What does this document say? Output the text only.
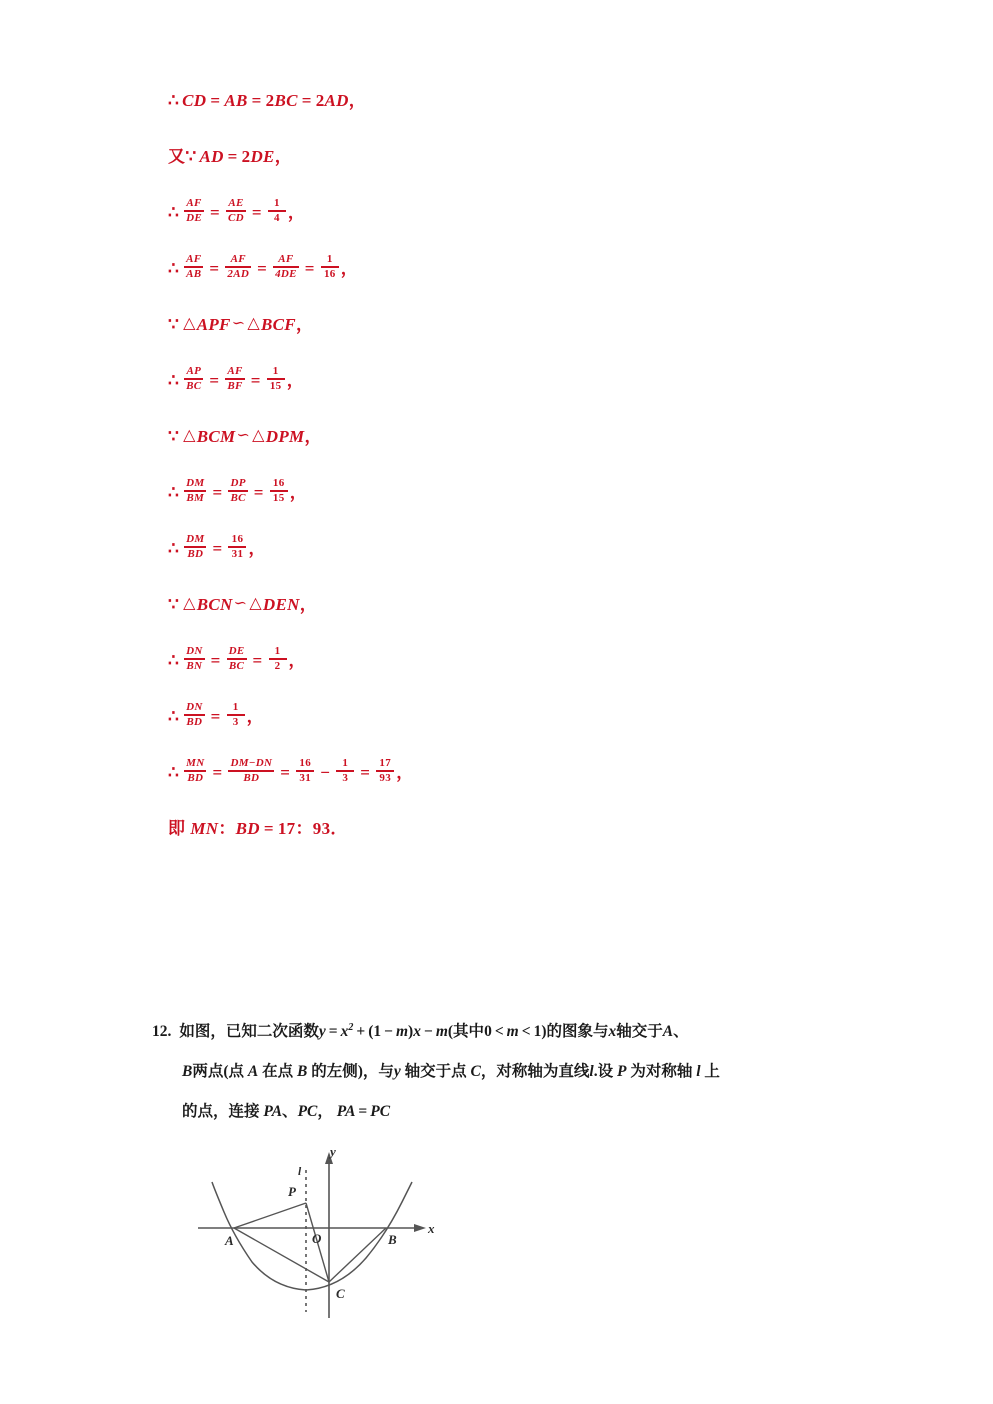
∴ CD = AB = 2BC = 2AD，
又 ∵ AD = 2DE，
∴ $\frac{AF}{DE} = \frac{AE}{CD} = \frac{1}{4}$ ，
∴ $\frac{AF}{AB} = \frac{AF}{2AD} = \frac{AF}{4DE} = \frac{1}{16}$ ，
∵ △ APF ∽ △ BCF ，
∴ $\frac{AP}{BC} = \frac{AF}{BF} = \frac{1}{15}$ ，
∵ △ BCM ∽ △ DPM ，
∴ $\frac{DM}{BM} = \frac{DP}{BC} = \frac{16}{15}$ ，
∴ $\frac{DM}{BD} = \frac{16}{31}$ ，
∵ △ BCN ∽ △ DEN ，
∴ $\frac{DN}{BN} = \frac{DE}{BC} = \frac{1}{2}$ ，
∴ $\frac{DN}{BD} = \frac{1}{3}$ ，
∴ $\frac{MN}{BD} = \frac{DM-DN}{BD} = \frac{16}{31} - \frac{1}{3} = \frac{17}{93}$ ，
即 MN ： BD = 17 ： 93 ．
12. 如图，已知二次函数$y = x^2 + (1 - m)x - m$(其中0 < m < 1)的图象与x轴交于A、
B两点(点 A 在点 B 的左侧)，与y 轴交于点 C，对称轴为直线l.设 P 为对称轴 l 上
的点，连接 PA、PC， PA = PC
y
x
O
A	B
C
P
l
